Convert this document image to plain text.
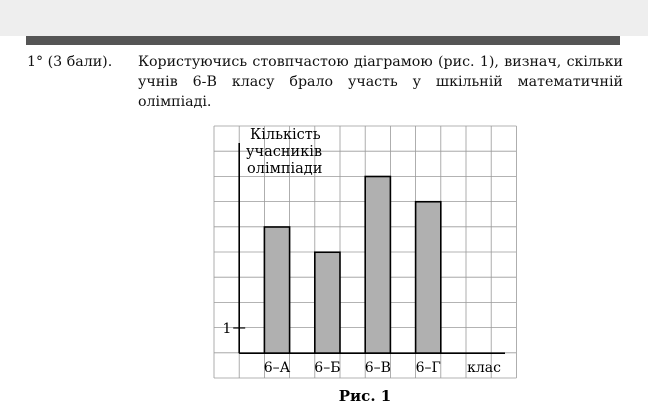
1° (3 бали). Користуючись стовпчастою діаграмою (рис. 1), визнач, скільки учнів 6-В класу брало участь у шкільній математичній олімпіаді.
Кількість
учасників
олімпіади
1
клас
Рис. 1
6–А 6–Б 6–В 6–Г
